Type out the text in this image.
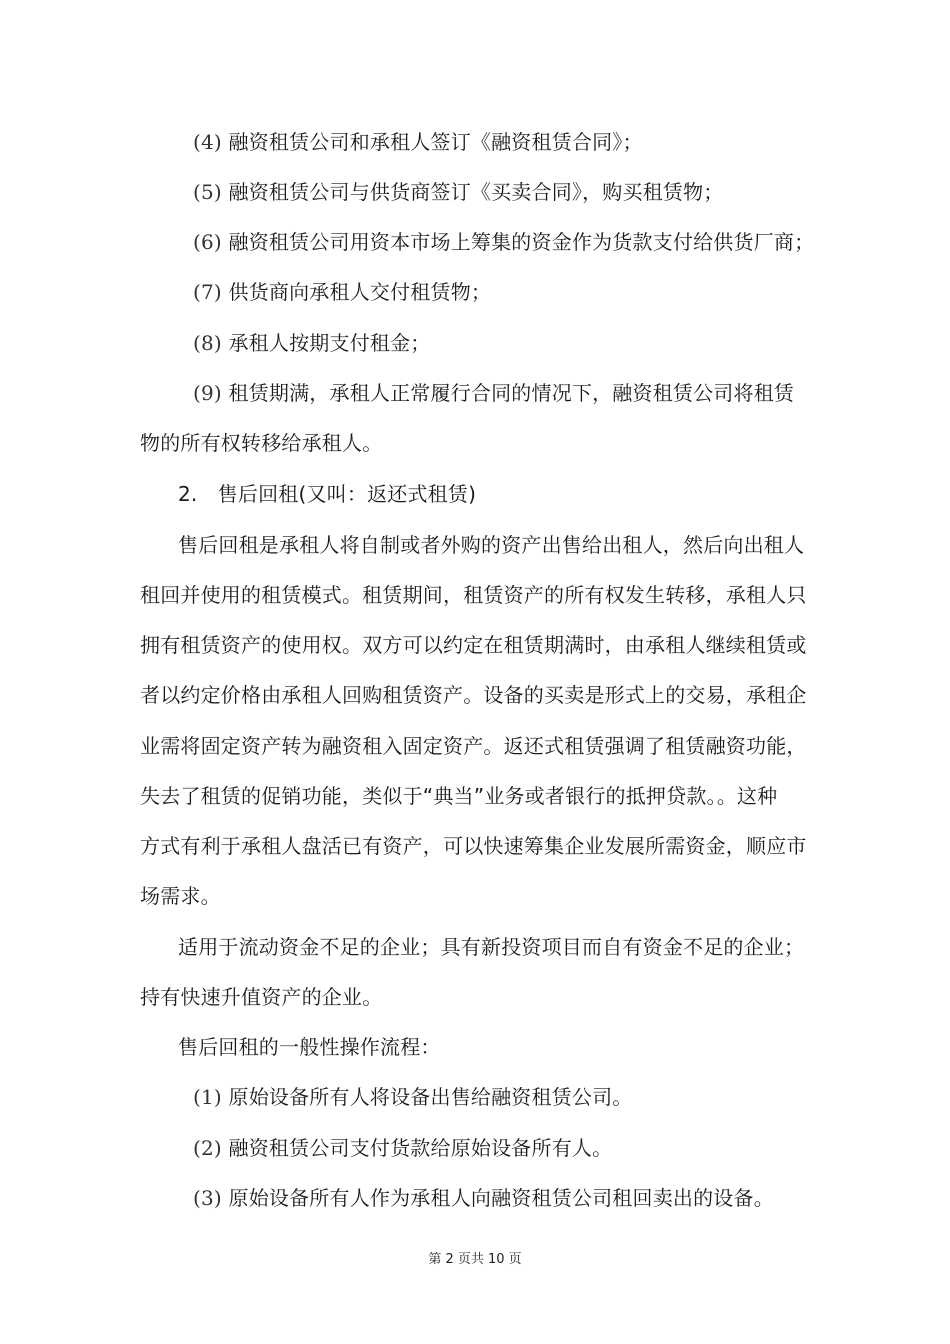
(4) 融资租赁公司和承租人签订《融资租赁合同》；
(5) 融资租赁公司与供货商签订《买卖合同》，购买租赁物；
(6) 融资租赁公司用资本市场上筹集的资金作为货款支付给供货厂商；
(7) 供货商向承租人交付租赁物；
(8) 承租人按期支付租金；
(9) 租赁期满，承租人正常履行合同的情况下，融资租赁公司将租赁
物的所有权转移给承租人。
2.　售后回租(又叫：返还式租赁)
售后回租是承租人将自制或者外购的资产出售给出租人，然后向出租人
租回并使用的租赁模式。租赁期间，租赁资产的所有权发生转移，承租人只
拥有租赁资产的使用权。双方可以约定在租赁期满时，由承租人继续租赁或
者以约定价格由承租人回购租赁资产。设备的买卖是形式上的交易，承租企
业需将固定资产转为融资租入固定资产。返还式租赁强调了租赁融资功能，
失去了租赁的促销功能，类似于“典当”业务或者银行的抵押贷款。。这种
方式有利于承租人盘活已有资产，可以快速筹集企业发展所需资金，顺应市
场需求。
适用于流动资金不足的企业；具有新投资项目而自有资金不足的企业；
持有快速升值资产的企业。
售后回租的一般性操作流程：
(1) 原始设备所有人将设备出售给融资租赁公司。
(2) 融资租赁公司支付货款给原始设备所有人。
(3) 原始设备所有人作为承租人向融资租赁公司租回卖出的设备。
第 2 页共 10 页
